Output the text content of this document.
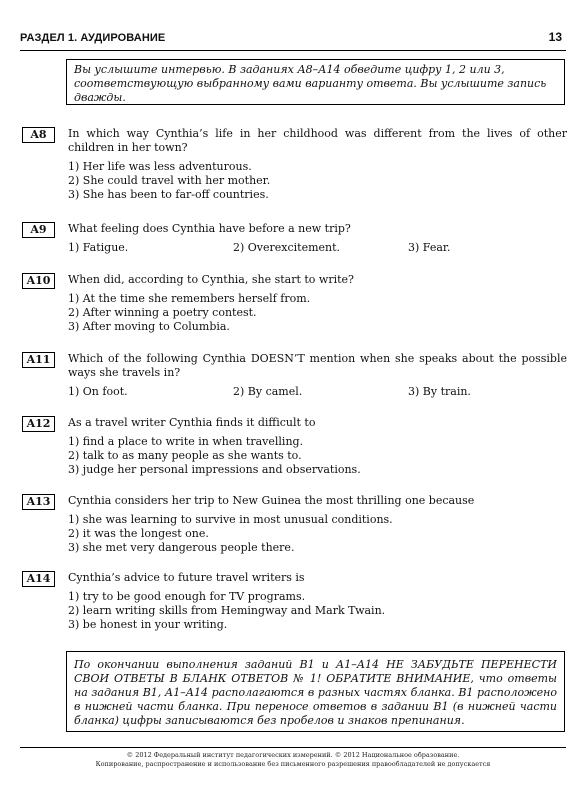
РАЗДЕЛ 1. АУДИРОВАНИЕ	13
Вы услышите интервью. В заданиях А8–А14 обведите цифру 1, 2 или 3, соответствующую выбранному вами варианту ответа. Вы услышите запись дважды.
A8	In which way Cynthia’s life in her childhood was different from the lives of other children in her town?

1) Her life was less adventurous.
2) She could travel with her mother.
3) She has been to far-off countries.
A9	What feeling does Cynthia have before a new trip?

1) Fatigue.	2) Overexcitement.	3) Fear.
A10	When did, according to Cynthia, she start to write?

1) At the time she remembers herself from.
2) After winning a poetry contest.
3) After moving to Columbia.
A11	Which of the following Cynthia DOESN’T mention when she speaks about the possible ways she travels in?

1) On foot.	2) By camel.	3) By train.
A12	As a travel writer Cynthia finds it difficult to

1) find a place to write in when travelling.
2) talk to as many people as she wants to.
3) judge her personal impressions and observations.
A13	Cynthia considers her trip to New Guinea the most thrilling one because

1) she was learning to survive in most unusual conditions.
2) it was the longest one.
3) she met very dangerous people there.
A14	Cynthia’s advice to future travel writers is

1) try to be good enough for TV programs.
2) learn writing skills from Hemingway and Mark Twain.
3) be honest in your writing.
По окончании выполнения заданий В1 и А1–А14 НЕ ЗАБУДЬТЕ ПЕРЕНЕСТИ СВОИ ОТВЕТЫ В БЛАНК ОТВЕТОВ № 1! ОБРАТИТЕ ВНИМАНИЕ, что ответы на задания В1, А1–А14 располагаются в разных частях бланка. В1 расположено в нижней части бланка. При переносе ответов в задании В1 (в нижней части бланка) цифры записываются без пробелов и знаков препинания.
© 2012 Федеральный институт педагогических измерений. © 2012 Национальное образование.
Копирование, распространение и использование без письменного разрешения правообладателей не допускается
